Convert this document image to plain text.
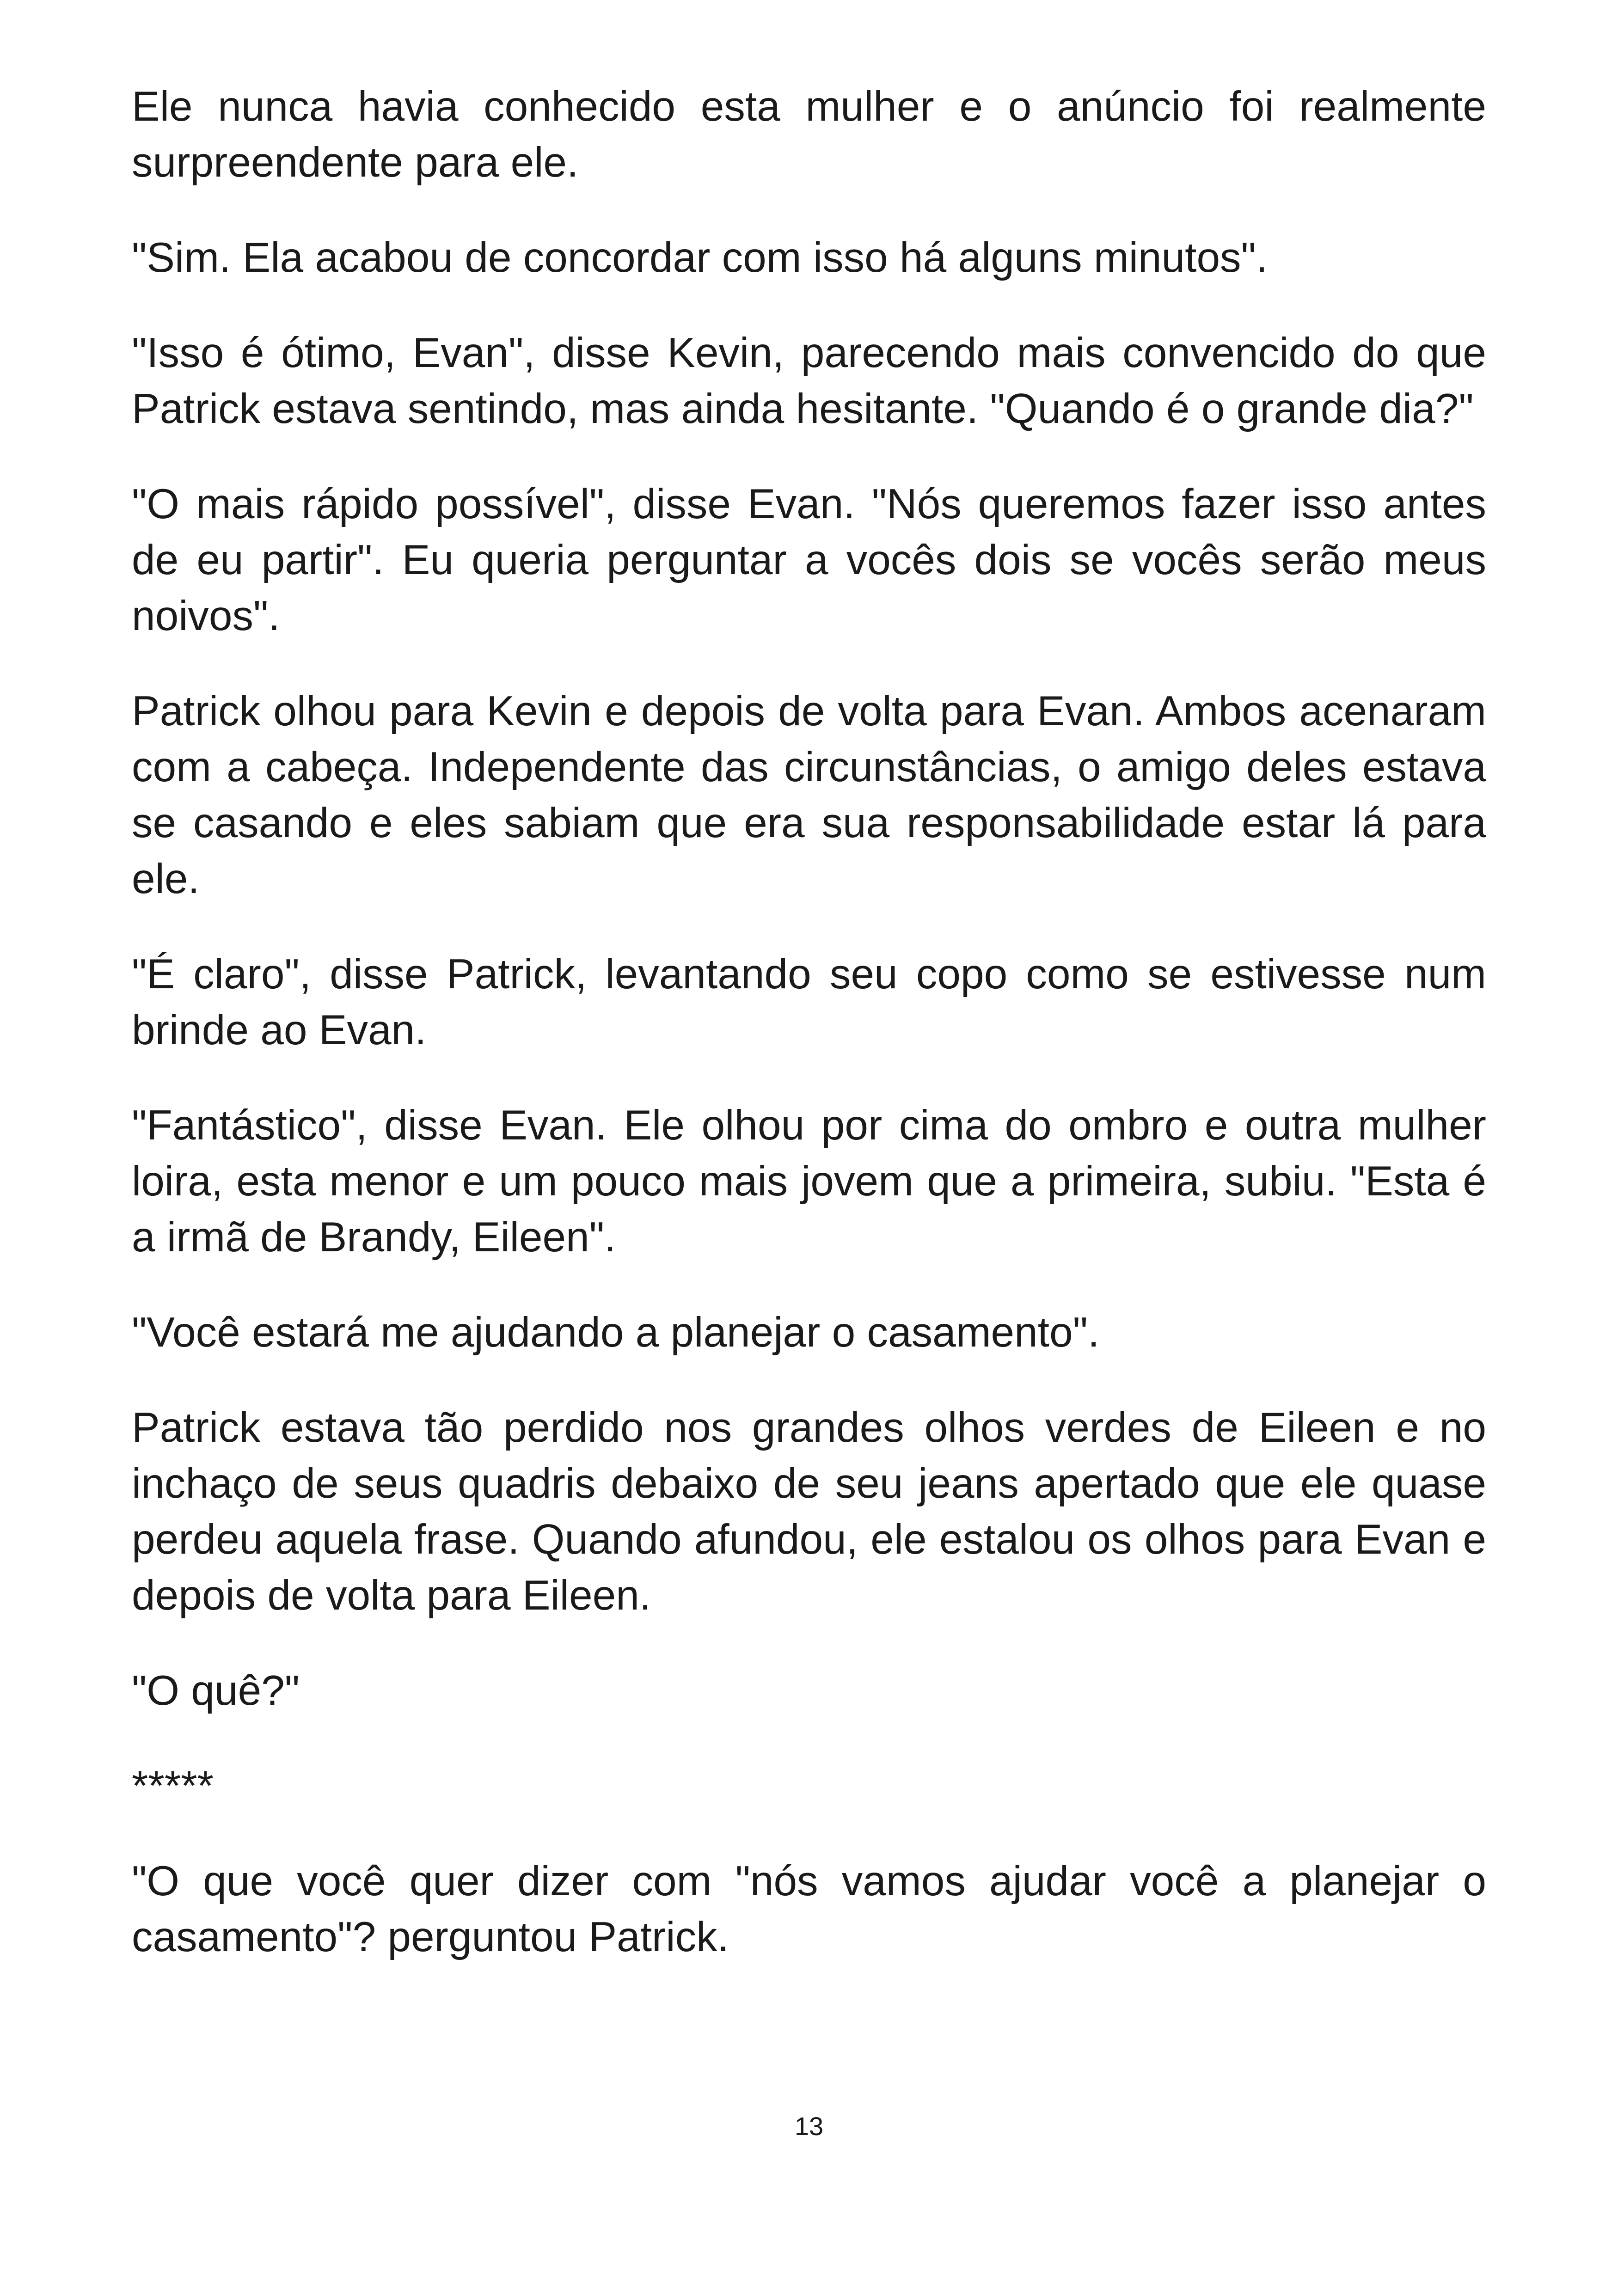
Ele nunca havia conhecido esta mulher e o anúncio foi realmente surpreendente para ele.

"Sim. Ela acabou de concordar com isso há alguns minutos".

"Isso é ótimo, Evan", disse Kevin, parecendo mais convencido do que Patrick estava sentindo, mas ainda hesitante. "Quando é o grande dia?"

"O mais rápido possível", disse Evan. "Nós queremos fazer isso antes de eu partir". Eu queria perguntar a vocês dois se vocês serão meus noivos".

Patrick olhou para Kevin e depois de volta para Evan. Ambos acenaram com a cabeça. Independente das circunstâncias, o amigo deles estava se casando e eles sabiam que era sua responsabilidade estar lá para ele.

"É claro", disse Patrick, levantando seu copo como se estivesse num brinde ao Evan.

"Fantástico", disse Evan. Ele olhou por cima do ombro e outra mulher loira, esta menor e um pouco mais jovem que a primeira, subiu. "Esta é a irmã de Brandy, Eileen".

"Você estará me ajudando a planejar o casamento".

Patrick estava tão perdido nos grandes olhos verdes de Eileen e no inchaço de seus quadris debaixo de seu jeans apertado que ele quase perdeu aquela frase. Quando afundou, ele estalou os olhos para Evan e depois de volta para Eileen.

"O quê?"

*****

"O que você quer dizer com "nós vamos ajudar você a planejar o casamento"? perguntou Patrick.

13
